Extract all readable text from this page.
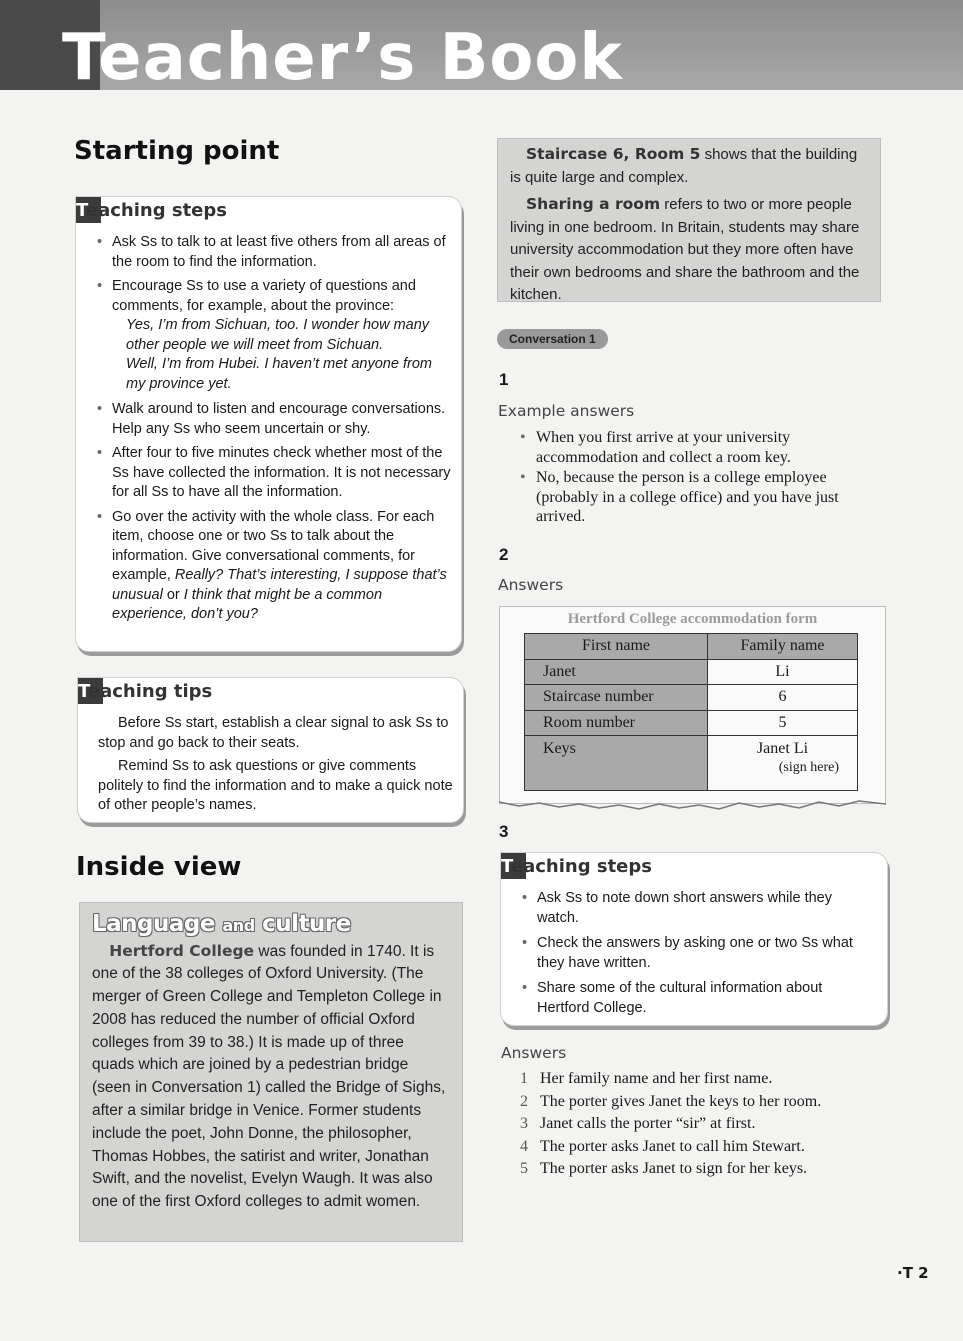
Teacher’s Book
Starting point
Teaching steps
• Ask Ss to talk to at least five others from all areas of the room to find the information.
• Encourage Ss to use a variety of questions and comments, for example, about the province:
Yes, I’m from Sichuan, too. I wonder how many other people we will meet from Sichuan.
Well, I’m from Hubei. I haven’t met anyone from my province yet.
• Walk around to listen and encourage conversations. Help any Ss who seem uncertain or shy.
• After four to five minutes check whether most of the Ss have collected the information. It is not necessary for all Ss to have all the information.
• Go over the activity with the whole class. For each item, choose one or two Ss to talk about the information. Give conversational comments, for example, Really? That’s interesting, I suppose that’s unusual or I think that might be a common experience, don’t you?
Teaching tips

Before Ss start, establish a clear signal to ask Ss to stop and go back to their seats.

Remind Ss to ask questions or give comments politely to find the information and to make a quick note of other people’s names.

Inside view
Language and culture
Hertford College was founded in 1740. It is one of the 38 colleges of Oxford University. (The merger of Green College and Templeton College in 2008 has reduced the number of official Oxford colleges from 39 to 38.) It is made up of three quads which are joined by a pedestrian bridge (seen in Conversation 1) called the Bridge of Sighs, after a similar bridge in Venice. Former students include the poet, John Donne, the philosopher, Thomas Hobbes, the satirist and writer, Jonathan Swift, and the novelist, Evelyn Waugh. It was also one of the first Oxford colleges to admit women.
Staircase 6, Room 5 shows that the building is quite large and complex.
Sharing a room refers to two or more people living in one bedroom. In Britain, students may share university accommodation but they more often have their own bedrooms and share the bathroom and the kitchen.
Conversation 1
1
Example answers
• When you first arrive at your university accommodation and collect a room key.
• No, because the person is a college employee (probably in a college office) and you have just arrived.
2
Answers
Hertford College accommodation form
First name	Family name
Janet	Li
Staircase number	6
Room number	5
Keys	Janet Li
(sign here)
3
Teaching steps
• Ask Ss to note down short answers while they watch.
• Check the answers by asking one or two Ss what they have written.
• Share some of the cultural information about Hertford College.
Answers
1 Her family name and her first name.
2 The porter gives Janet the keys to her room.
3 Janet calls the porter “sir” at first.
4 The porter asks Janet to call him Stewart.
5 The porter asks Janet to sign for her keys.
·T 2
